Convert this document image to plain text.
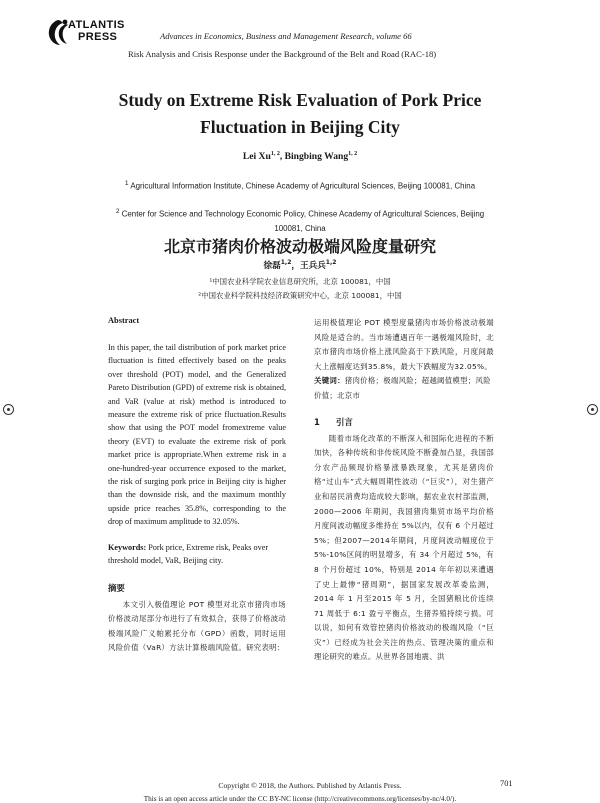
ATLANTIS
PRESS	Advances in Economics, Business and Management Research, volume 66
Risk Analysis and Crisis Response under the Background of the Belt and Road (RAC-18)
Study on Extreme Risk Evaluation of Pork Price
Fluctuation in Beijing City
Lei Xu$^{1, 2}$, Bingbing Wang$^{1, 2}$
$^1$ Agricultural Information Institute, Chinese Academy of Agricultural Sciences, Beijing 100081, China
$^2$ Center for Science and Technology Economic Policy, Chinese Academy of Agricultural Sciences, Beijing 100081, China
北京市猪肉价格波动极端风险度量研究
徐磊$^{1,2}$，王兵兵$^{1,2}$
¹中国农业科学院农业信息研究所，北京 100081，中国
²中国农业科学院科技经济政策研究中心，北京 100081，中国
Abstract

In this paper, the tail distribution of pork market price fluctuation is fitted effectively based on the peaks over threshold (POT) model, and the Generalized Pareto Distribution (GPD) of extreme risk is obtained, and VaR (value at risk) method is introduced to measure the extreme risk of price fluctuation.Results show that using the POT model fromextreme value theory (EVT) to evaluate the extreme risk of pork market price is appropriate.When extreme risk in a one-hundred-year occurrence exposed to the market, the risk of surging pork price in Beijing city is higher than the downside risk, and the maximum monthly upside price reaches 35.8%, corresponding to the drop of maximum amplitude to 32.05%.

Keywords: Pork price, Extreme risk, Peaks over threshold model, VaR, Beijing city.
摘要

本文引入极值理论 POT 模型对北京市猪肉市场价格波动尾部分布进行了有效拟合，获得了价格波动极端风险广义帕累托分布（GPD）函数，同时运用风险价值（VaR）方法计算极端风险值。研究表明：

运用极值理论 POT 模型度量猪肉市场价格波动极端风险是适合的。当市场遭遇百年一遇极端风险时，北京市猪肉市场价格上涨风险高于下跌风险，月度间最大上涨幅度达到35.8%，最大下跌幅度为32.05%。

关键词：猪肉价格；极端风险；超越阈值模型；风险价值；北京市
1 引言

随着市场化改革的不断深入和国际化进程的不断加快，各种传统和非传统风险不断叠加凸显，我国部分农产品频现价格暴涨暴跌现象，尤其是猪肉价格“过山车”式大幅周期性波动（“巨灾”），对生猪产业和居民消费均造成较大影响，据农业农村部监测，2000—2006 年期间，我国猪肉集贸市场平均价格月度间波动幅度多维持在 5%以内，仅有 6 个月超过 5%；但2007—2014年期间，月度间波动幅度位于 5%-10%区间的明显增多，有 34 个月超过 5%，有 8 个月份超过 10%，特别是 2014 年年初以来遭遇了史上最惨“猪周期”，据国家发展改革委监测，2014 年 1 月至2015 年 5 月，全国猪粮比价连续 71 周低于 6:1 盈亏平衡点，生猪养殖持续亏损。可以说，如何有效管控猪肉价格波动的极端风险（“巨灾”）已经成为社会关注的热点、管理决策的重点和理论研究的难点。从世界各国地震、洪

Copyright © 2018, the Authors. Published by Atlantis Press.
This is an open access article under the CC BY-NC license (http://creativecommons.org/licenses/by-nc/4.0/).
701
